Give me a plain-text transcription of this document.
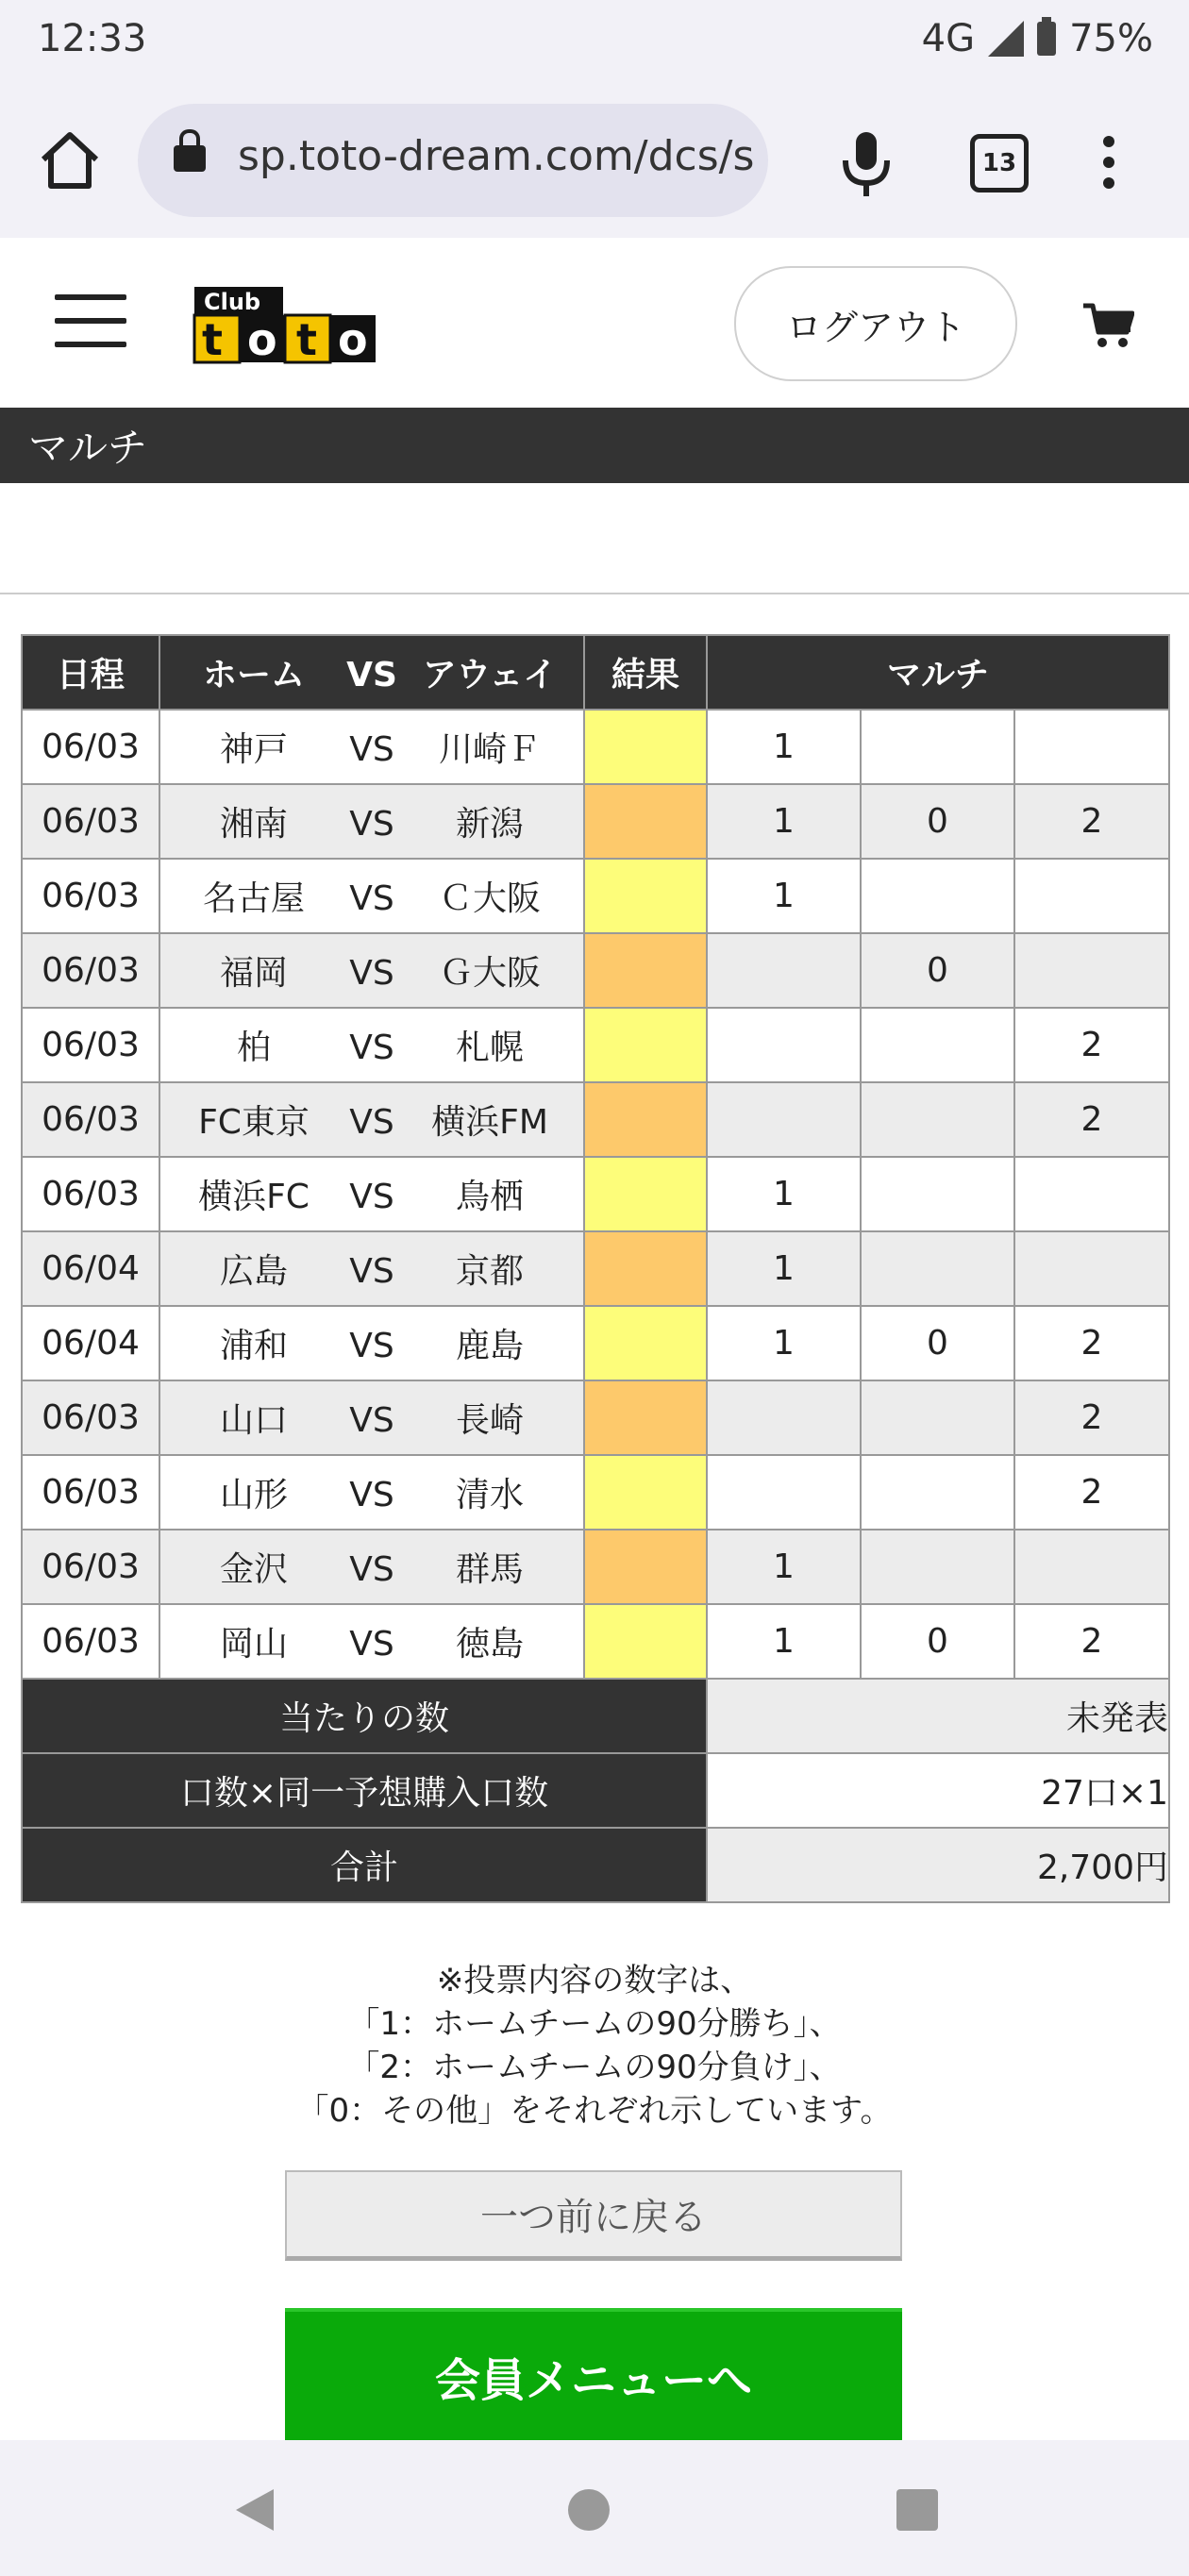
12:33	4G	75%
sp.toto-dream.com/dcs/s	13
Club
t o t o	ログアウト
マルチ
日程	ホーム VS アウェイ	結果	マルチ		
06/03	神戸 VS 川崎Ｆ		1		
06/03	湘南 VS 新潟		1	0	2
06/03	名古屋 VS Ｃ大阪		1		
06/03	福岡 VS Ｇ大阪			0	
06/03	柏 VS 札幌				2
06/03	FC東京 VS 横浜FM				2
06/03	横浜FC VS 鳥栖		1		
06/04	広島 VS 京都		1		
06/04	浦和 VS 鹿島		1	0	2
06/03	山口 VS 長崎				2
06/03	山形 VS 清水				2
06/03	金沢 VS 群馬		1		
06/03	岡山 VS 徳島		1	0	2
当たりの数			未発表		
口数×同一予想購入口数			27口×1		
合計			2,700円		
※投票内容の数字は、
「1：ホームチームの90分勝ち」、
「2：ホームチームの90分負け」、
「0：その他」をそれぞれ示しています。
一つ前に戻る
会員メニューへ
